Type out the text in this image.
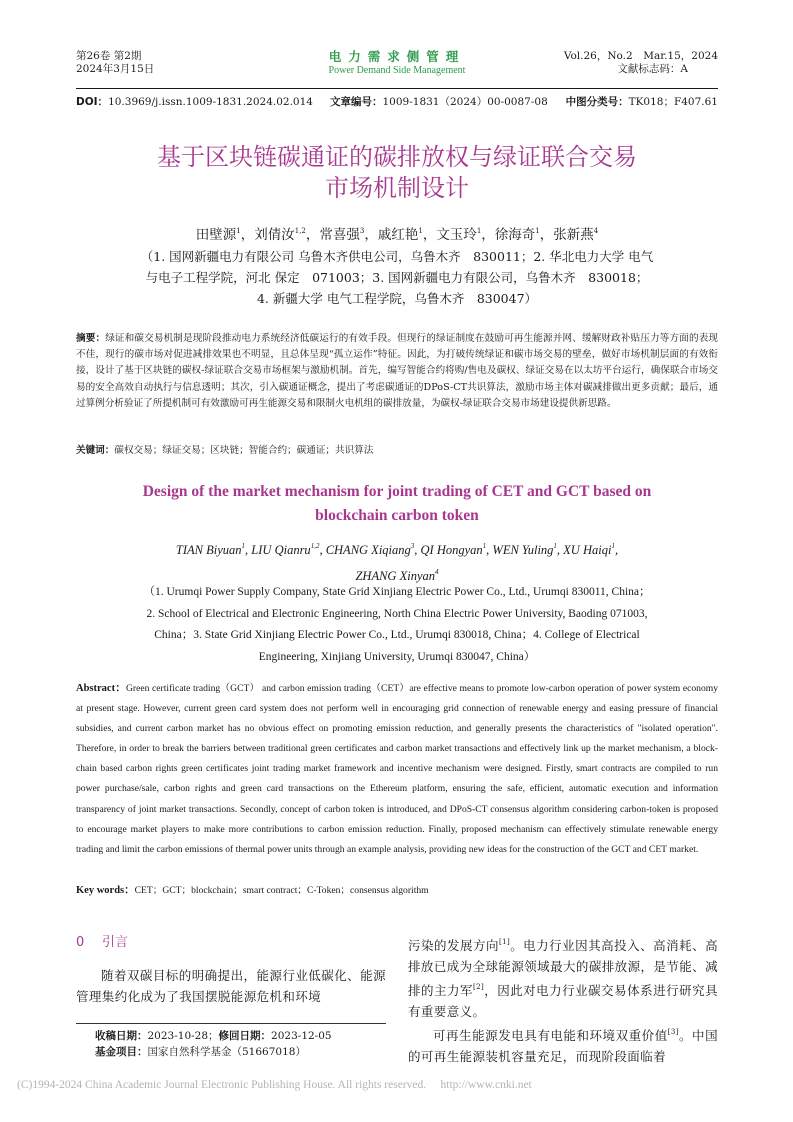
第26卷 第2期
2024年3月15日
电力需求侧管理
Power Demand Side Management
Vol.26，No.2　Mar.15，2024
文献标志码：A
DOI：10.3969/j.issn.1009-1831.2024.02.014 文章编号：1009-1831（2024）00-0087-08 中图分类号：TK018；F407.61
基于区块链碳通证的碳排放权与绿证联合交易
市场机制设计
田壁源$^1$，刘倩汝$^{1,2}$，常喜强$^3$，戚红艳$^1$，文玉玲$^1$，徐海奇$^1$，张新燕$^4$
（1. 国网新疆电力有限公司 乌鲁木齐供电公司，乌鲁木齐　830011；2. 华北电力大学 电气
与电子工程学院，河北 保定　071003；3. 国网新疆电力有限公司，乌鲁木齐　830018；
4. 新疆大学 电气工程学院，乌鲁木齐　830047）
摘要：绿证和碳交易机制是现阶段推动电力系统经济低碳运行的有效手段。但现行的绿证制度在鼓励可再生能源并网、缓解财政补贴压力等方面的表现不佳，现行的碳市场对促进减排效果也不明显，且总体呈现“孤立运作”特征。因此，为打破传统绿证和碳市场交易的壁垒，做好市场机制层面的有效衔接，设计了基于区块链的碳权-绿证联合交易市场框架与激励机制。首先，编写智能合约将购/售电及碳权、绿证交易在以太坊平台运行，确保联合市场交易的安全高效自动执行与信息透明；其次，引入碳通证概念，提出了考虑碳通证的DPoS-CT共识算法，激励市场主体对碳减排做出更多贡献；最后，通过算例分析验证了所提机制可有效激励可再生能源交易和限制火电机组的碳排放量，为碳权-绿证联合交易市场建设提供新思路。
关键词：碳权交易；绿证交易；区块链；智能合约；碳通证；共识算法
Design of the market mechanism for joint trading of CET and GCT based on
blockchain carbon token
TIAN Biyuan$^1$, LIU Qianru$^{1,2}$, CHANG Xiqiang$^3$, QI Hongyan$^1$, WEN Yuling$^1$, XU Haiqi$^1$,
ZHANG Xinyan$^4$
（1. Urumqi Power Supply Company, State Grid Xinjiang Electric Power Co., Ltd., Urumqi 830011, China；
2. School of Electrical and Electronic Engineering, North China Electric Power University, Baoding 071003,
China；3. State Grid Xinjiang Electric Power Co., Ltd., Urumqi 830018, China；4. College of Electrical
Engineering, Xinjiang University, Urumqi 830047, China）
Abstract：Green certificate trading（GCT） and carbon emission trading（CET）are effective means to promote low-carbon operation of power system economy at present stage. However, current green card system does not perform well in encouraging grid connection of renewable energy and easing pressure of financial subsidies, and current carbon market has no obvious effect on promoting emission reduction, and generally presents the characteristics of "isolated operation". Therefore, in order to break the barriers between traditional green certificates and carbon market transactions and effectively link up the market mechanism, a block-chain based carbon rights green certificates joint trading market framework and incentive mechanism were designed. Firstly, smart contracts are compiled to run power purchase/sale, carbon rights and green card transactions on the Ethereum platform, ensuring the safe, efficient, automatic execution and information transparency of joint market transactions. Secondly, concept of carbon token is introduced, and DPoS-CT consensus algorithm considering carbon-token is proposed to encourage market players to make more contributions to carbon emission reduction. Finally, proposed mechanism can effectively stimulate renewable energy trading and limit the carbon emissions of thermal power units through an example analysis, providing new ideas for the construction of the GCT and CET market.
Key words：CET；GCT；blockchain；smart contract；C-Token；consensus algorithm
0 引言
随着双碳目标的明确提出，能源行业低碳化、能源管理集约化成为了我国摆脱能源危机和环境
收稿日期：2023-10-28；修回日期：2023-12-05
基金项目：国家自然科学基金（51667018）
污染的发展方向[1]。电力行业因其高投入、高消耗、高排放已成为全球能源领域最大的碳排放源，是节能、减排的主力军[2]，因此对电力行业碳交易体系进行研究具有重要意义。
可再生能源发电具有电能和环境双重价值[3]。中国的可再生能源装机容量充足，而现阶段面临着
(C)1994-2024 China Academic Journal Electronic Publishing House. All rights reserved.　 http://www.cnki.net
